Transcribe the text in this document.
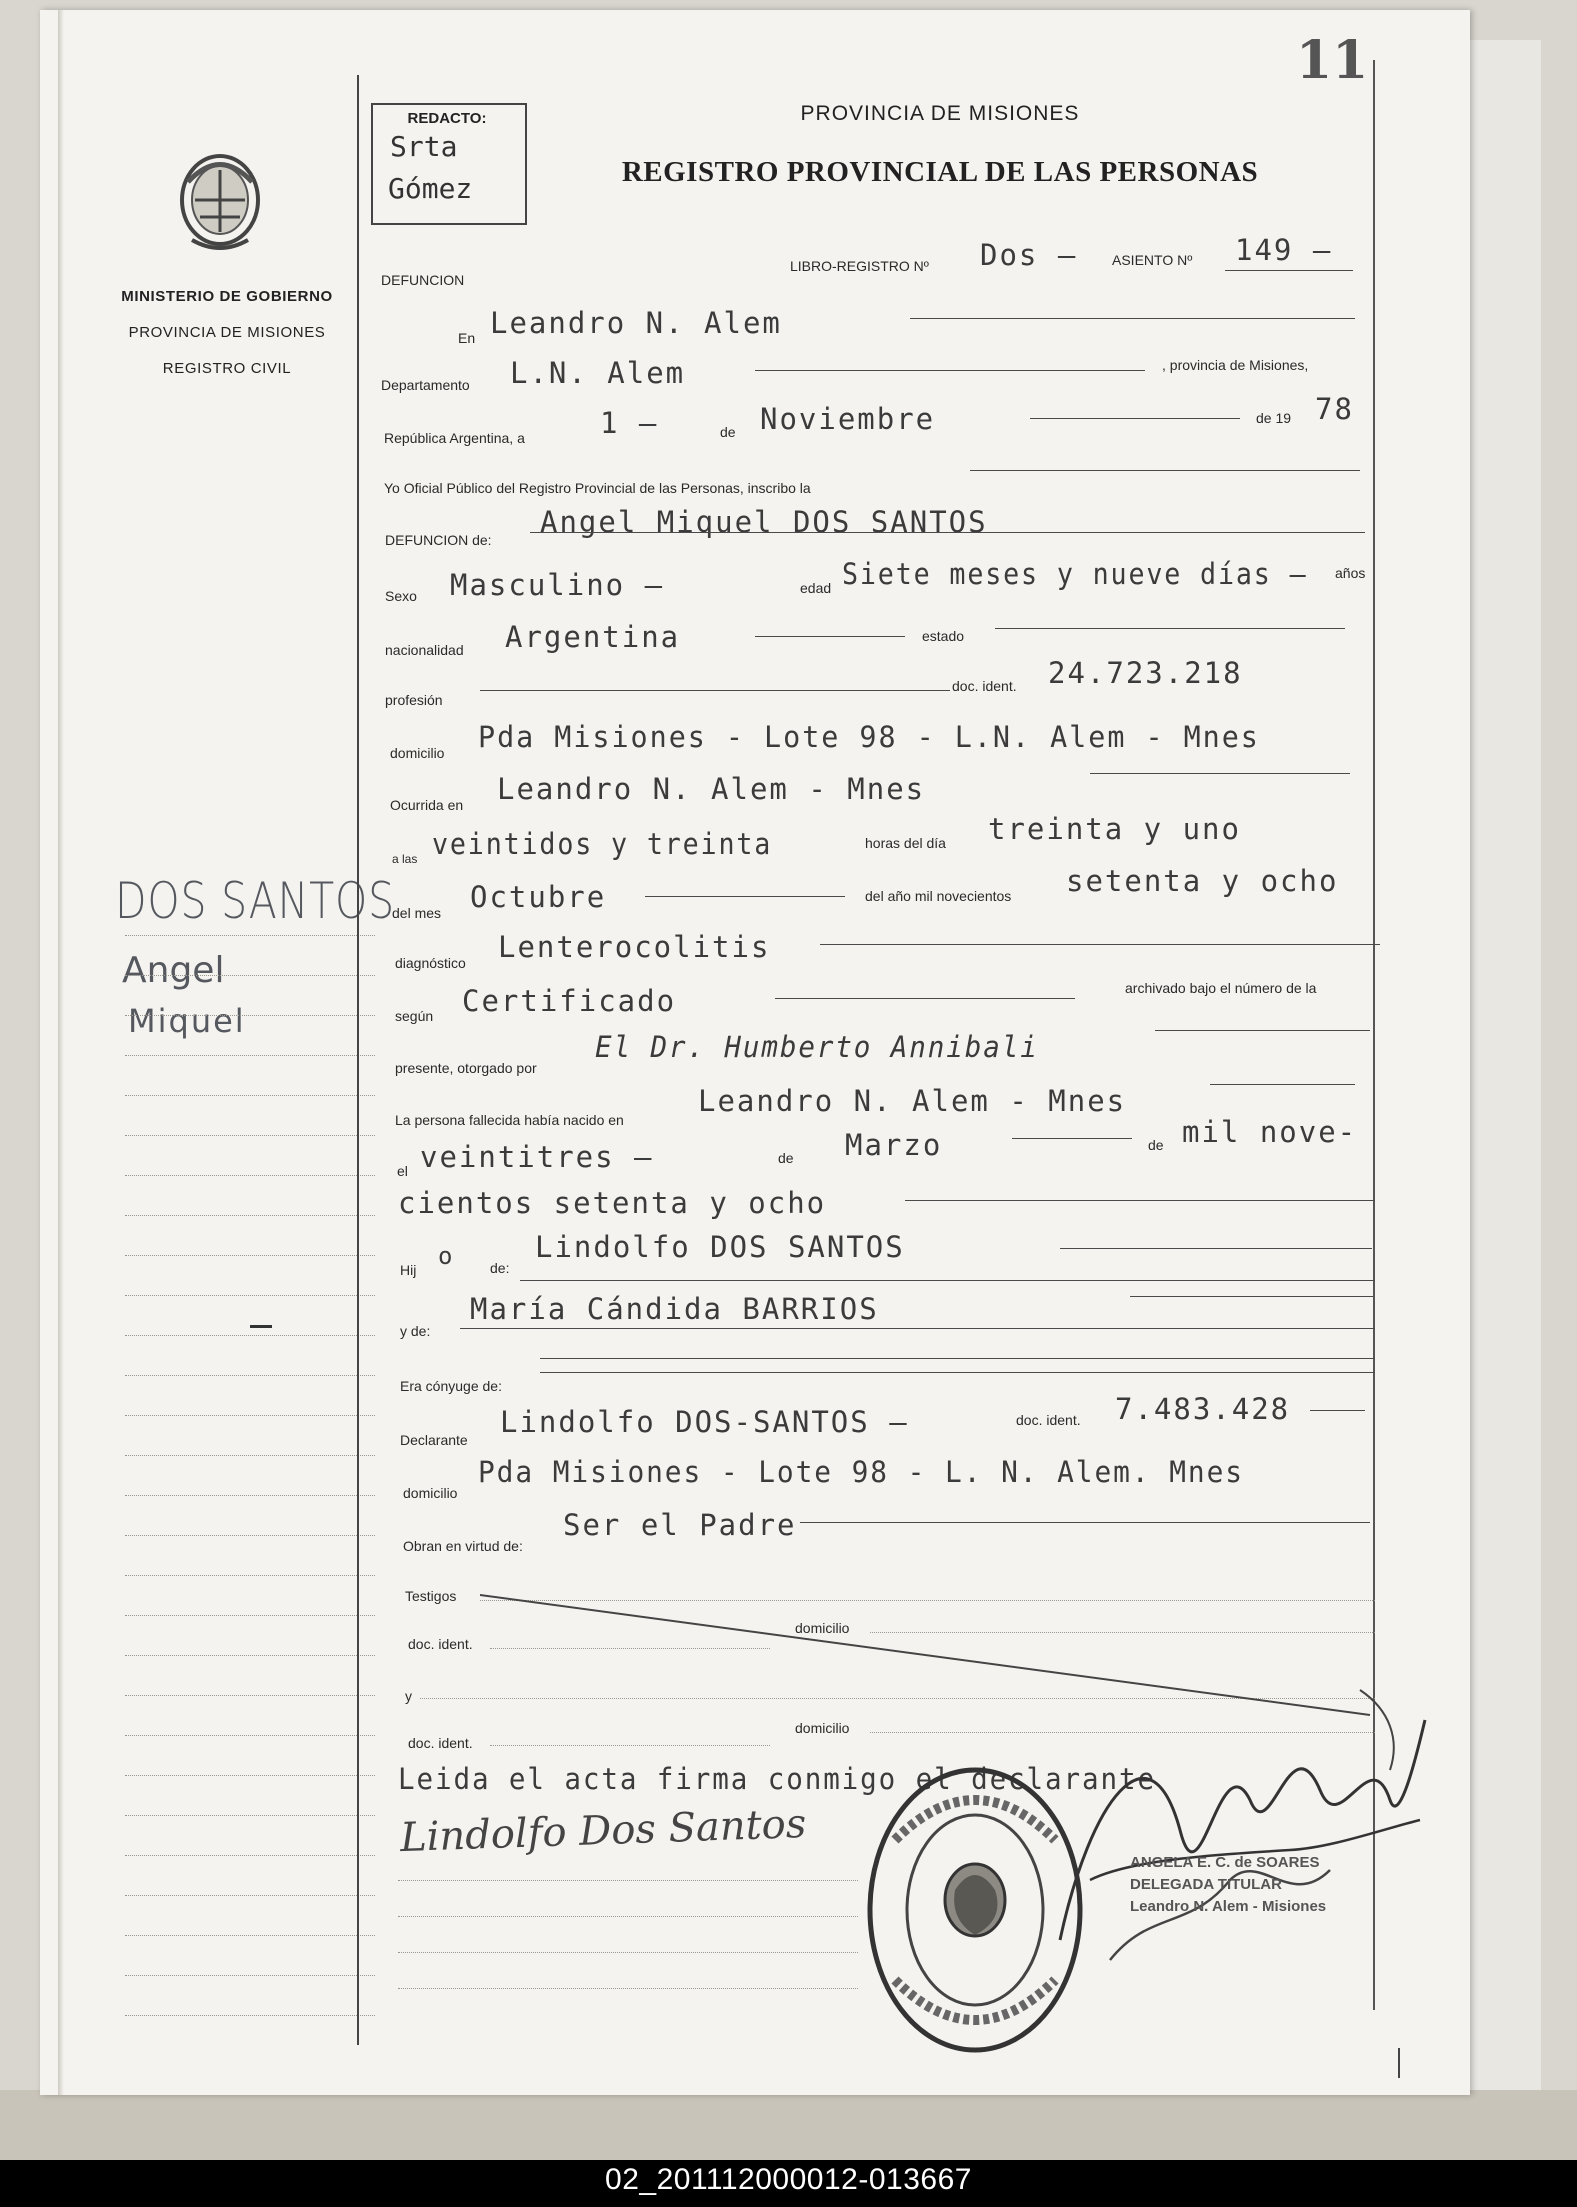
MINISTERIO DE GOBIERNO
PROVINCIA DE MISIONES
REGISTRO CIVIL
DOS SANTOS
Angel
Miquel
REDACTO:
Srta
Gómez
11
PROVINCIA DE MISIONES
REGISTRO PROVINCIAL DE LAS PERSONAS
DEFUNCION
LIBRO-REGISTRO Nº Dos — ASIENTO Nº 149 —
En Leandro N. Alem
Departamento L.N. Alem	, provincia de Misiones,
República Argentina, a	1 —	de Noviembre	de 19 78
Yo Oficial Público del Registro Provincial de las Personas, inscribo la
DEFUNCION de:
Angel Miquel DOS SANTOS
Sexo Masculino —	edad Siete meses y nueve días — años
nacionalidad Argentina	estado
profesión
doc. ident. 24.723.218
domicilio Pda Misiones - Lote 98 - L.N. Alem - Mnes
Ocurrida en Leandro N. Alem - Mnes
a las veintidos y treinta	horas del día treinta y uno
del mes Octubre	del año mil novecientos setenta y ocho
diagnóstico Lenterocolitis
según Certificado	archivado bajo el número de la
presente, otorgado por
El Dr. Humberto Annibali
La persona fallecida había nacido en
Leandro N. Alem - Mnes
el veintitres —	de Marzo	de mil nove-
cientos setenta y ocho
Hij o	de:
Lindolfo DOS SANTOS
y de:
María Cándida BARRIOS
Era cónyuge de:
Declarante
Lindolfo DOS-SANTOS —	doc. ident. 7.483.428
domicilio
Pda Misiones - Lote 98 - L. N. Alem. Mnes
Obran en virtud de:
Ser el Padre
Testigos
doc. ident.
domicilio
y
doc. ident.
domicilio
Leida el acta firma conmigo el declarante
Lindolfo Dos Santos
ANGELA E. C. de SOARES
DELEGADA TITULAR
Leandro N. Alem - Misiones
02_201112000012-013667
